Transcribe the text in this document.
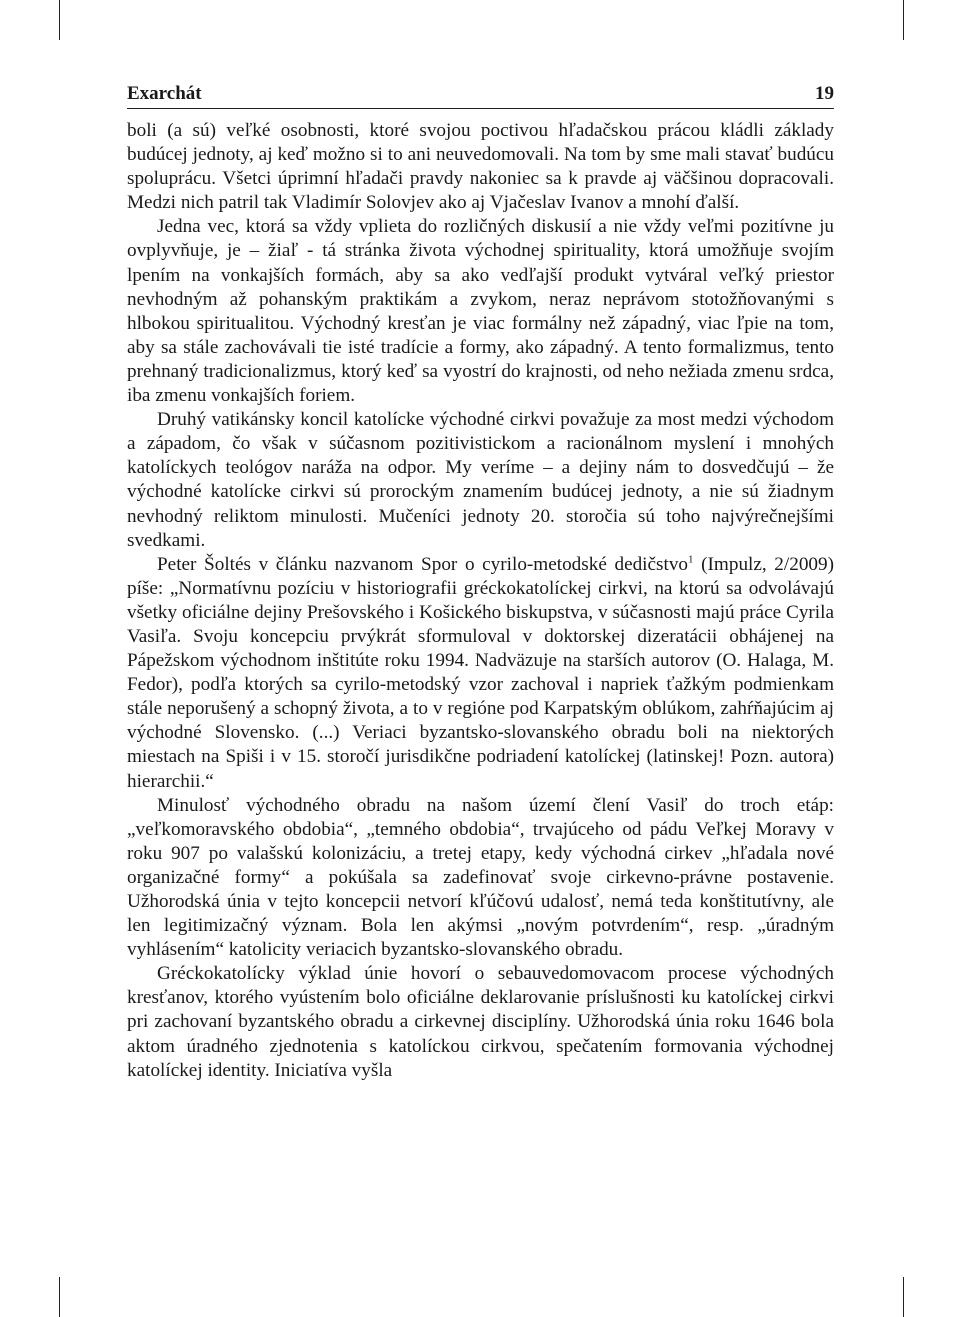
Exarchát	19

boli (a sú) veľké osobnosti, ktoré svojou poctivou hľadačskou prácou kládli základy budúcej jednoty, aj keď možno si to ani neuvedomovali. Na tom by sme mali stavať budúcu spoluprácu. Všetci úprimní hľadači pravdy nakoniec sa k pravde aj väčšinou dopracovali. Medzi nich patril tak Vladimír Solovjev ako aj Vjačeslav Ivanov a mnohí ďalší.

Jedna vec, ktorá sa vždy vplieta do rozličných diskusií a nie vždy veľmi pozitívne ju ovplyvňuje, je – žiaľ - tá stránka života východnej spirituality, ktorá umožňuje svojím lpením na vonkajších formách, aby sa ako vedľajší produkt vytváral veľký priestor nevhodným až pohanským praktikám a zvykom, neraz neprávom stotožňovanými s hlbokou spiritualitou. Východný kresťan je viac formálny než západný, viac ľpie na tom, aby sa stále zachovávali tie isté tradície a formy, ako západný. A tento formalizmus, tento prehnaný tradicionalizmus, ktorý keď sa vyostrí do krajnosti, od neho nežiada zmenu srdca, iba zmenu vonkajších foriem.

Druhý vatikánsky koncil katolícke východné cirkvi považuje za most medzi východom a západom, čo však v súčasnom pozitivistickom a racionálnom myslení i mnohých katolíckych teológov naráža na odpor. My veríme – a dejiny nám to dosvedčujú – že východné katolícke cirkvi sú prorockým znamením budúcej jednoty, a nie sú žiadnym nevhodný reliktom minulosti. Mučeníci jednoty 20. storočia sú toho najvýrečnejšími svedkami.

Peter Šoltés v článku nazvanom Spor o cyrilo-metodské dedičstvo$^1$ (Impulz, 2/2009) píše: „Normatívnu pozíciu v historiografii gréckokatolíckej cirkvi, na ktorú sa odvolávajú všetky oficiálne dejiny Prešovského i Košického biskupstva, v súčasnosti majú práce Cyrila Vasiľa. Svoju koncepciu prvýkrát sformuloval v doktorskej dizeratácii obhájenej na Pápežskom východnom inštitúte roku 1994. Nadväzuje na starších autorov (O. Halaga, M. Fedor), podľa ktorých sa cyrilo-metodský vzor zachoval i napriek ťažkým podmienkam stále neporušený a schopný života, a to v regióne pod Karpatským oblúkom, zahŕňajúcim aj východné Slovensko. (...) Veriaci byzantsko-slovanského obradu boli na niektorých miestach na Spiši i v 15. storočí jurisdikčne podriadení katolíckej (latinskej! Pozn. autora) hierarchii.“

Minulosť východného obradu na našom území člení Vasiľ do troch etáp: „veľkomoravského obdobia“, „temného obdobia“, trvajúceho od pádu Veľkej Moravy v roku 907 po valašskú kolonizáciu, a tretej etapy, kedy východná cirkev „hľadala nové organizačné formy“ a pokúšala sa zadefinovať svoje cirkevno-právne postavenie. Užhorodská únia v tejto koncepcii netvorí kľúčovú udalosť, nemá teda konštitutívny, ale len legitimizačný význam. Bola len akýmsi „novým potvrdením“, resp. „úradným vyhlásením“ katolicity veriacich byzantsko-slovanského obradu.

Gréckokatolícky výklad únie hovorí o sebauvedomovacom procese východných kresťanov, ktorého vyústením bolo oficiálne deklarovanie príslušnosti ku katolíckej cirkvi pri zachovaní byzantského obradu a cirkevnej disciplíny. Užhorodská únia roku 1646 bola aktom úradného zjednotenia s katolíckou cirkvou, spečatením formovania východnej katolíckej identity. Iniciatíva vyšla
